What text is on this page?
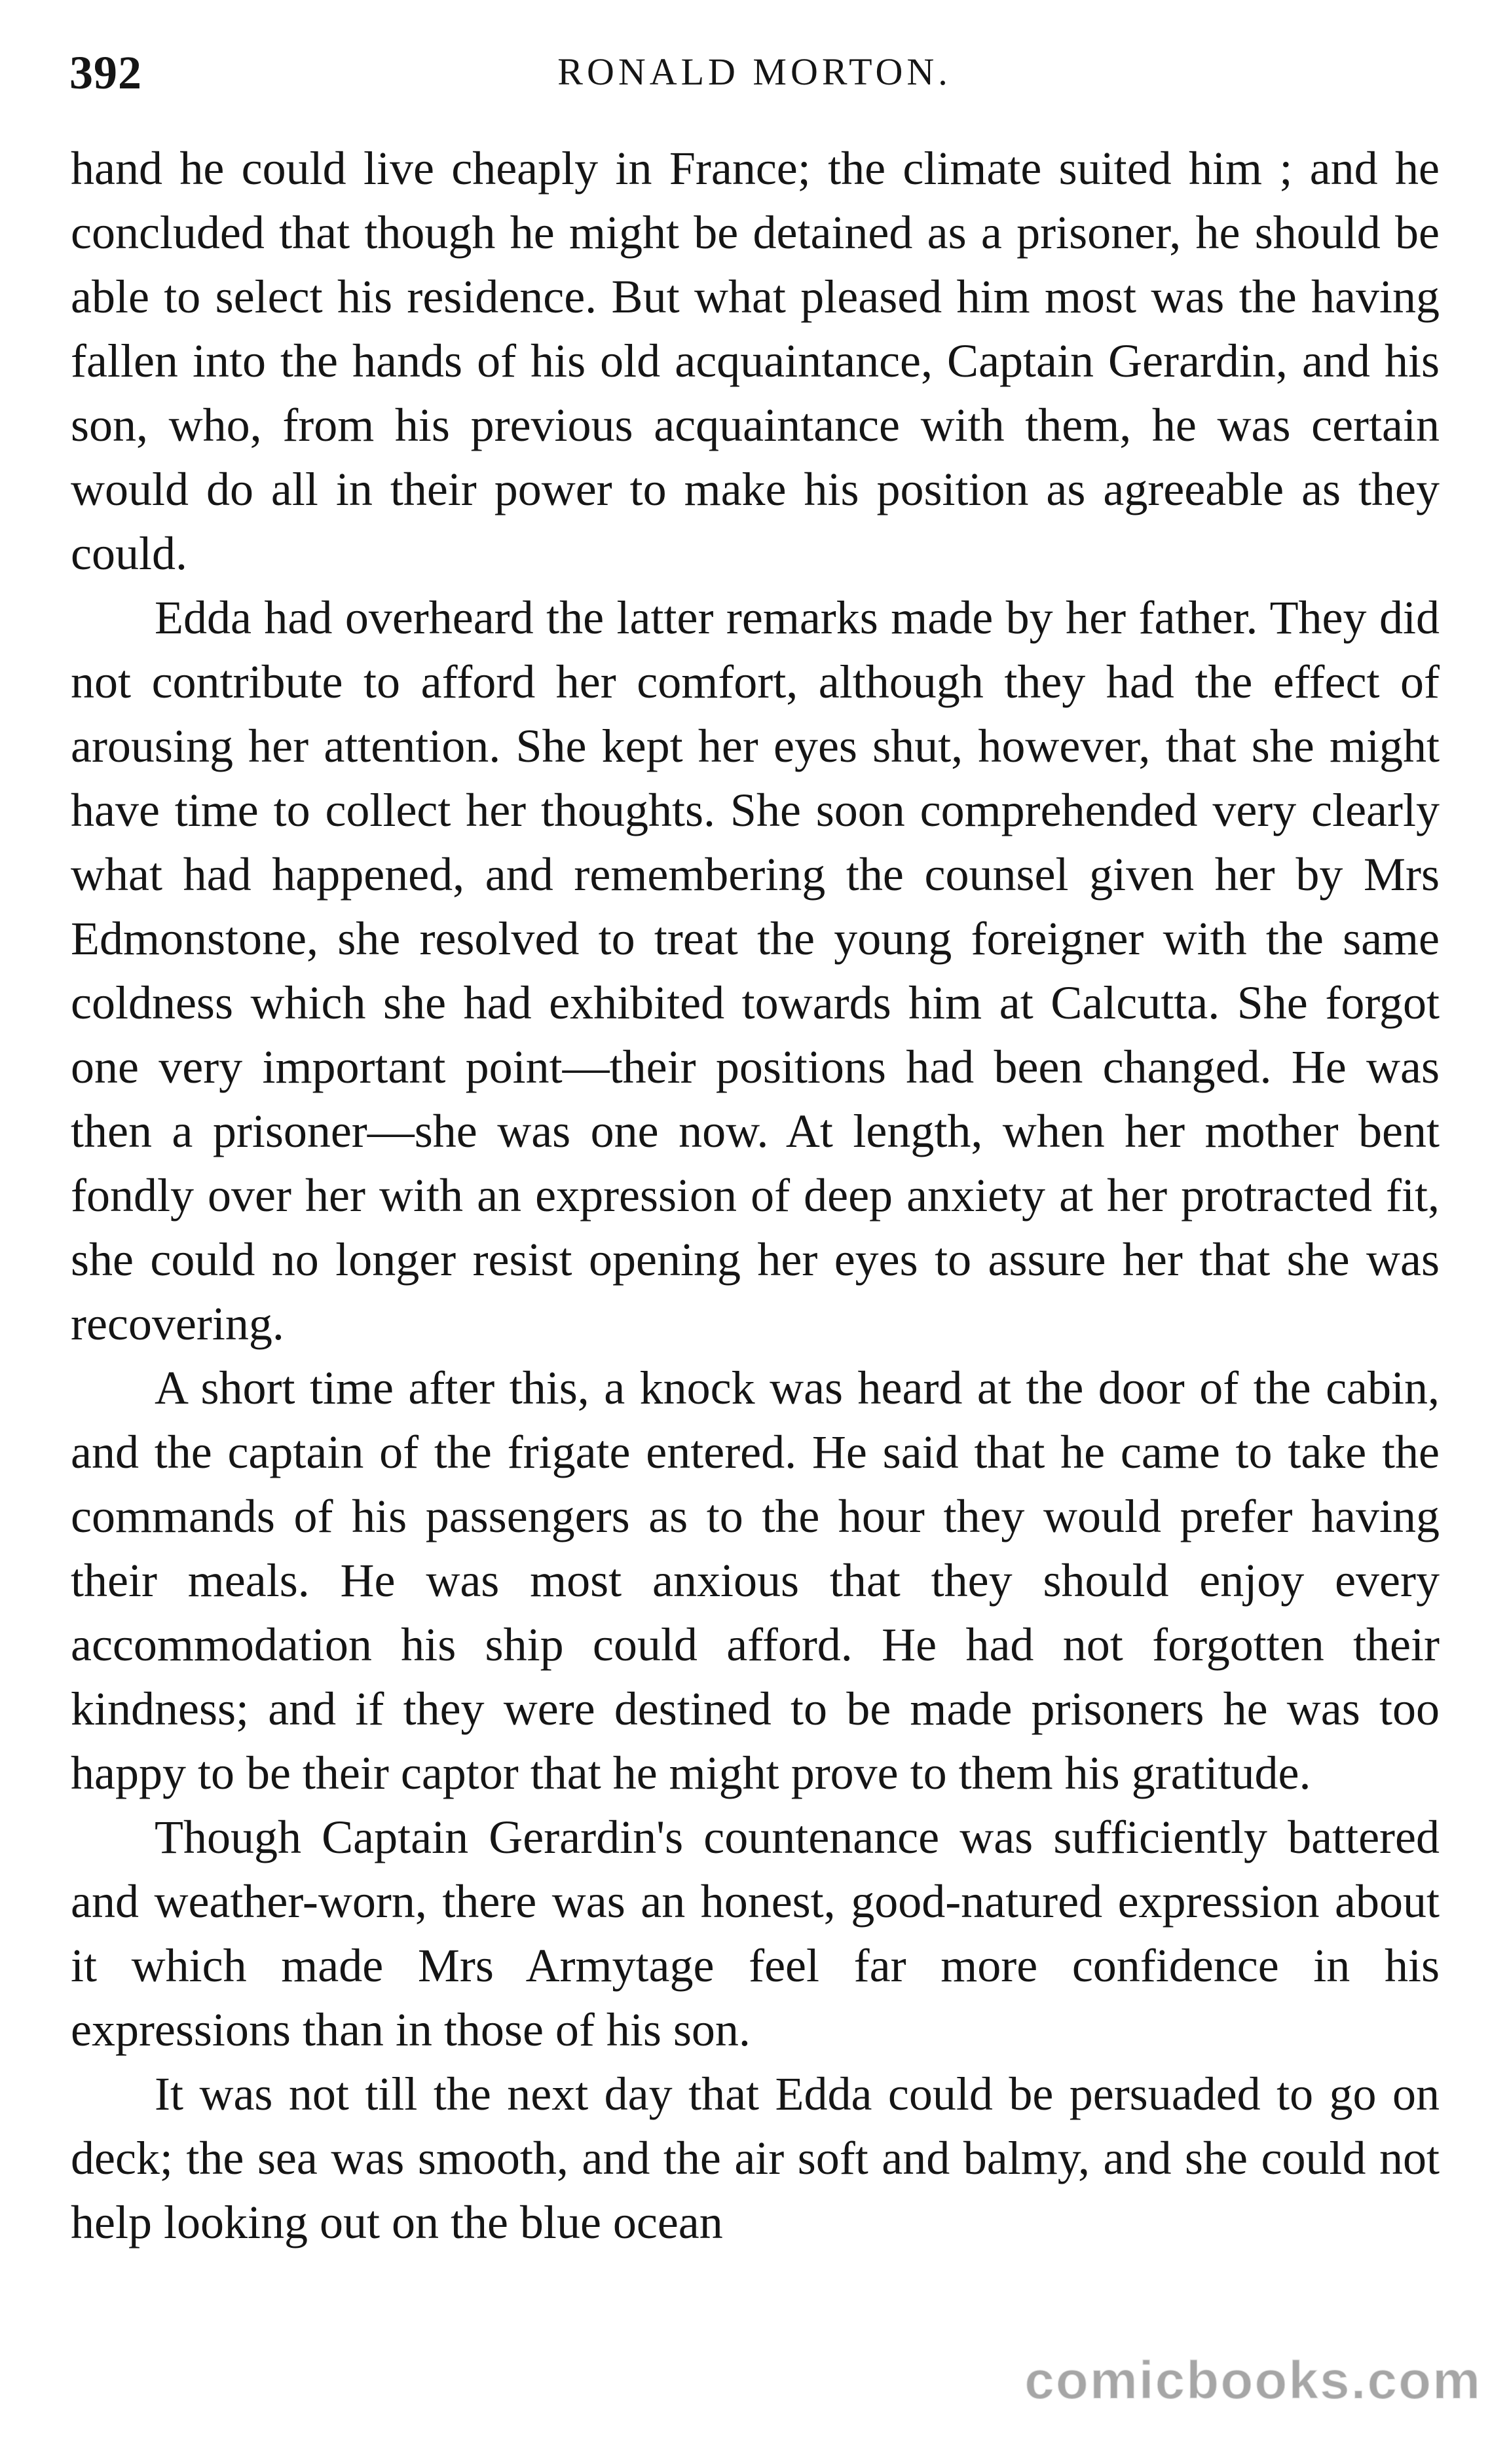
392	RONALD MORTON.

hand he could live cheaply in France; the climate suited him ; and he concluded that though he might be detained as a prisoner, he should be able to select his residence. But what pleased him most was the having fallen into the hands of his old acquaintance, Captain Gerardin, and his son, who, from his previous acquaintance with them, he was certain would do all in their power to make his position as agreeable as they could.

Edda had overheard the latter remarks made by her father. They did not contribute to afford her comfort, although they had the effect of arousing her attention. She kept her eyes shut, however, that she might have time to collect her thoughts. She soon comprehended very clearly what had happened, and remembering the counsel given her by Mrs Edmonstone, she resolved to treat the young foreigner with the same coldness which she had exhibited towards him at Calcutta. She forgot one very important point—their positions had been changed. He was then a prisoner—she was one now. At length, when her mother bent fondly over her with an expression of deep anxiety at her protracted fit, she could no longer resist opening her eyes to assure her that she was recovering.

A short time after this, a knock was heard at the door of the cabin, and the captain of the frigate entered. He said that he came to take the commands of his passengers as to the hour they would prefer having their meals. He was most anxious that they should enjoy every accommodation his ship could afford. He had not forgotten their kindness; and if they were destined to be made prisoners he was too happy to be their captor that he might prove to them his gratitude.

Though Captain Gerardin's countenance was sufficiently battered and weather-worn, there was an honest, good-natured expression about it which made Mrs Armytage feel far more confidence in his expressions than in those of his son.

It was not till the next day that Edda could be persuaded to go on deck; the sea was smooth, and the air soft and balmy, and she could not help looking out on the blue ocean

comicbooks.com
